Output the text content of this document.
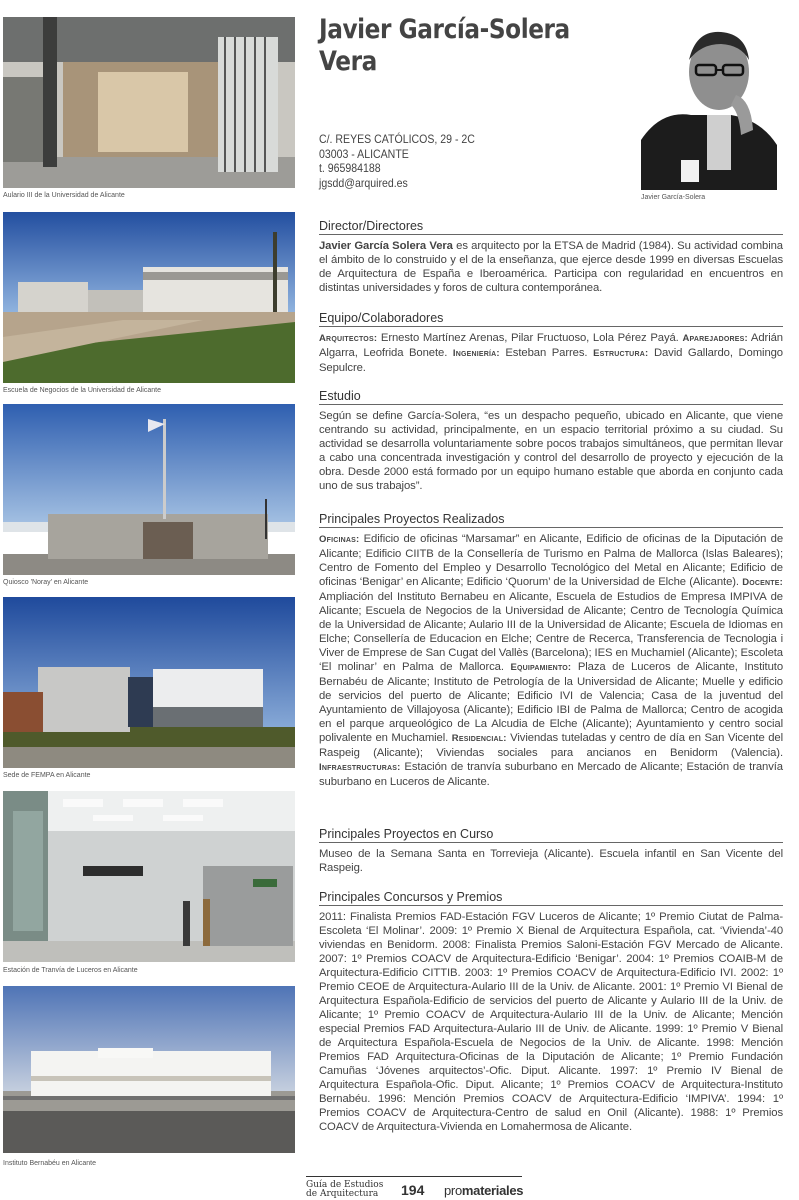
Aulario III de la Universidad de Alicante
Escuela de Negocios de la Universidad de Alicante
Quiosco 'Noray' en Alicante
Sede de FEMPA en Alicante
Estación de Tranvía de Luceros en Alicante
Instituto Bernabéu en Alicante
Javier García-Solera
Vera
C/. REYES CATÓLICOS, 29 - 2C
03003 - ALICANTE
t. 965984188
jgsdd@arquired.es
Javier García-Solera
Director/Directores
Javier García Solera Vera es arquitecto por la ETSA de Madrid (1984). Su actividad combina el ámbito de lo construido y el de la enseñanza, que ejerce desde 1999 en diversas Escuelas de Arquitectura de España e Iberoamérica. Participa con regularidad en encuentros en distintas universidades y foros de cultura contemporánea.
Equipo/Colaboradores
Arquitectos: Ernesto Martínez Arenas, Pilar Fructuoso, Lola Pérez Payá. Aparejadores: Adrián Algarra, Leofrida Bonete. Ingeniería: Esteban Parres. Estructura: David Gallardo, Domingo Sepulcre.
Estudio
Según se define García-Solera, “es un despacho pequeño, ubicado en Alicante, que viene centrando su actividad, principalmente, en un espacio territorial próximo a su ciudad. Su actividad se desarrolla voluntariamente sobre pocos trabajos simultáneos, que permitan llevar a cabo una concentrada investigación y control del desarrollo de proyecto y ejecución de la obra. Desde 2000 está formado por un equipo humano estable que aborda en conjunto cada uno de sus trabajos”.
Principales Proyectos Realizados
Oficinas: Edificio de oficinas “Marsamar” en Alicante, Edificio de oficinas de la Diputación de Alicante; Edificio CIITB de la Consellería de Turismo en Palma de Mallorca (Islas Baleares); Centro de Fomento del Empleo y Desarrollo Tecnológico del Metal en Alicante; Edificio de oficinas ‘Benigar’ en Alicante; Edificio ‘Quorum’ de la Universidad de Elche (Alicante). Docente: Ampliación del Instituto Bernabeu en Alicante, Escuela de Estudios de Empresa IMPIVA de Alicante; Escuela de Negocios de la Universidad de Alicante; Centro de Tecnología Química de la Universidad de Alicante; Aulario III de la Universidad de Alicante; Escuela de Idiomas en Elche; Consellería de Educacion en Elche; Centre de Recerca, Transferencia de Tecnologia i Viver de Emprese de San Cugat del Vallès (Barcelona); IES en Muchamiel (Alicante); Escoleta ‘El molinar’ en Palma de Mallorca. Equipamiento: Plaza de Luceros de Alicante, Instituto Bernabéu de Alicante; Instituto de Petrología de la Universidad de Alicante; Muelle y edificio de servicios del puerto de Alicante; Edificio IVI de Valencia; Casa de la juventud del Ayuntamiento de Villajoyosa (Alicante); Edificio IBI de Palma de Mallorca; Centro de acogida en el parque arqueológico de La Alcudia de Elche (Alicante); Ayuntamiento y centro social polivalente en Muchamiel. Residencial: Viviendas tuteladas y centro de día en San Vicente del Raspeig (Alicante); Viviendas sociales para ancianos en Benidorm (Valencia). Infraestructuras: Estación de tranvía suburbano en Mercado de Alicante; Estación de tranvía suburbano en Luceros de Alicante.
Principales Proyectos en Curso
Museo de la Semana Santa en Torrevieja (Alicante). Escuela infantil en San Vicente del Raspeig.
Principales Concursos y Premios
2011: Finalista Premios FAD-Estación FGV Luceros de Alicante; 1º Premio Ciutat de Palma-Escoleta ‘El Molinar’. 2009: 1º Premio X Bienal de Arquitectura Española, cat. ‘Vivienda’-40 viviendas en Benidorm. 2008: Finalista Premios Saloni-Estación FGV Mercado de Alicante. 2007: 1º Premios COACV de Arquitectura-Edificio ‘Benigar’. 2004: 1º Premios COAIB-M de Arquitectura-Edificio CITTIB. 2003: 1º Premios COACV de Arquitectura-Edificio IVI. 2002: 1º Premio CEOE de Arquitectura-Aulario III de la Univ. de Alicante. 2001: 1º Premio VI Bienal de Arquitectura Española-Edificio de servicios del puerto de Alicante y Aulario III de la Univ. de Alicante; 1º Premio COACV de Arquitectura-Aulario III de la Univ. de Alicante; Mención especial Premios FAD Arquitectura-Aulario III de Univ. de Alicante. 1999: 1º Premio V Bienal de Arquitectura Española-Escuela de Negocios de la Univ. de Alicante. 1998: Mención Premios FAD Arquitectura-Oficinas de la Diputación de Alicante; 1º Premio Fundación Camuñas ‘Jóvenes arquitectos’-Ofic. Diput. Alicante. 1997: 1º Premio IV Bienal de Arquitectura Española-Ofic. Diput. Alicante; 1º Premios COACV de Arquitectura-Instituto Bernabéu. 1996: Mención Premios COACV de Arquitectura-Edificio ‘IMPIVA’. 1994: 1º Premios COACV de Arquitectura-Centro de salud en Onil (Alicante). 1988: 1º Premios COACV de Arquitectura-Vivienda en Lomahermosa de Alicante.
Guía de Estudios
de Arquitectura	194 promateriales
